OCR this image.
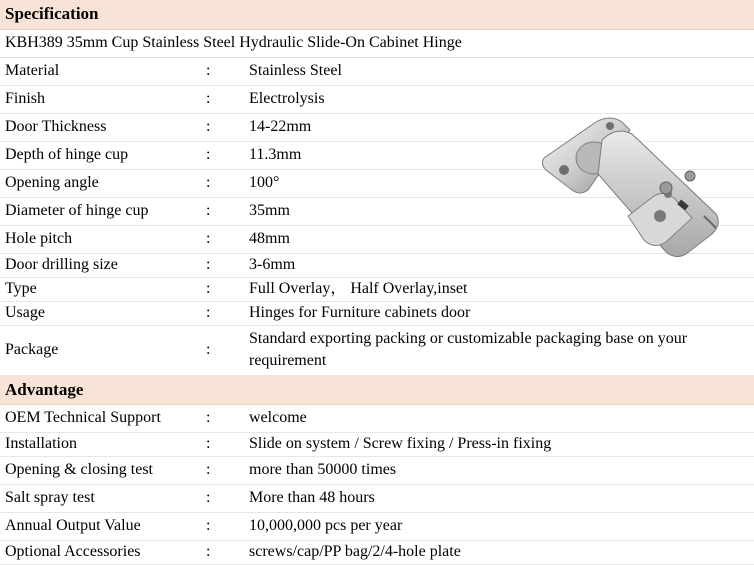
Specification		
KBH389 35mm Cup Stainless Steel Hydraulic Slide-On Cabinet Hinge		
Material	:	Stainless Steel
Finish	:	Electrolysis
Door Thickness	:	14-22mm
Depth of hinge cup	:	11.3mm
Opening angle	:	100°
Diameter of hinge cup	:	35mm
Hole pitch	:	48mm
Door drilling size	:	3-6mm
Type	:	Full Overlay， Half Overlay,inset
Usage	:	Hinges for Furniture cabinets door
Package	:	Standard exporting packing or customizable packaging base on your requirement
Advantage		
OEM Technical Support	:	welcome
Installation	:	Slide on system / Screw fixing / Press-in fixing
Opening & closing test	:	more than 50000 times
Salt spray test	:	More than 48 hours
Annual Output Value	:	10,000,000 pcs per year
Optional Accessories	:	screws/cap/PP bag/2/4-hole plate
